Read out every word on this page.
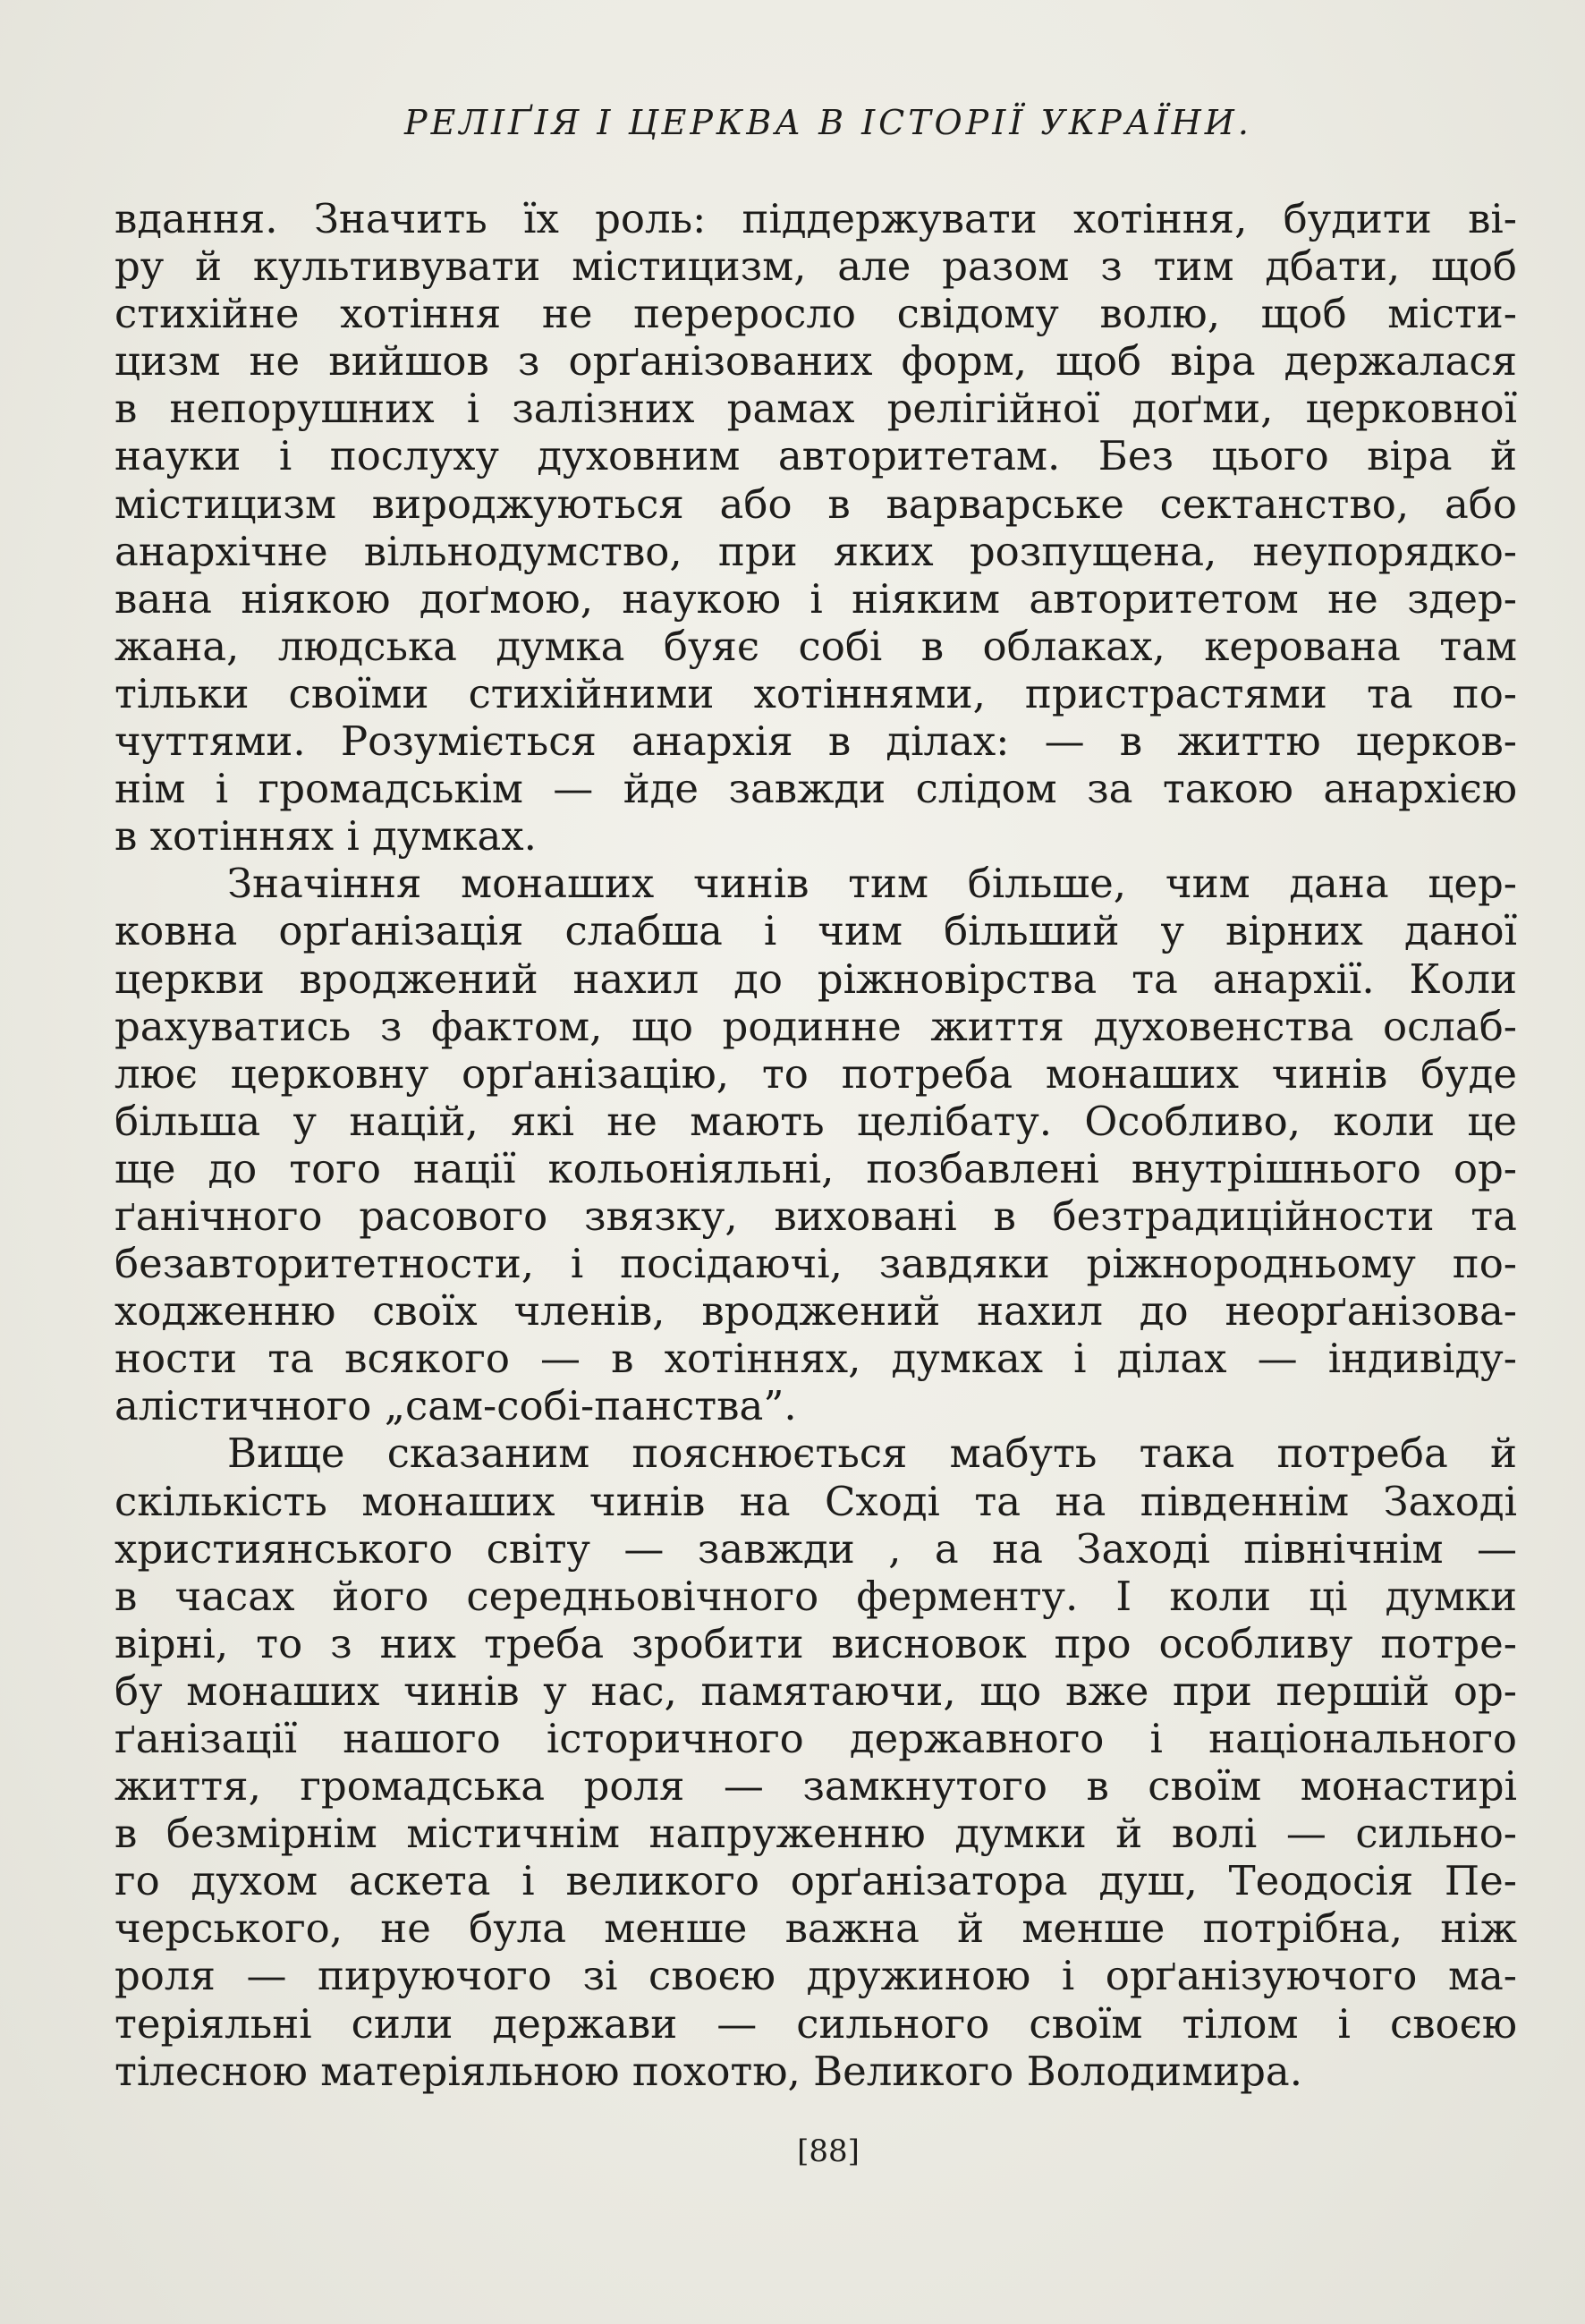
РЕЛІҐІЯ І ЦЕРКВА В ІСТОРІЇ УКРАЇНИ.
вдання. Значить їх роль: піддержувати хотіння, будити ві-
ру й культивувати містицизм, але разом з тим дбати, щоб
стихійне хотіння не переросло свідому волю, щоб місти-
цизм не вийшов з орґанізованих форм, щоб віра держалася
в непорушних і залізних рамах релігійної доґми, церковної
науки і послуху духовним авторитетам. Без цього віра й
містицизм вироджуються або в варварське сектанство, або
анархічне вільнодумство, при яких розпущена, неупорядко-
вана ніякою доґмою, наукою і ніяким авторитетом не здер-
жана, людська думка буяє собі в облаках, керована там
тільки своїми стихійними хотіннями, пристрастями та по-
чуттями. Розуміється анархія в ділах: — в життю церков-
нім і громадськім — йде завжди слідом за такою анархією
в хотіннях і думках.
Значіння монаших чинів тим більше, чим дана цер-
ковна орґанізація слабша і чим більший у вірних даної
церкви вроджений нахил до ріжновірства та анархії. Коли
рахуватись з фактом, що родинне життя духовенства ослаб-
лює церковну орґанізацію, то потреба монаших чинів буде
більша у націй, які не мають целібату. Особливо, коли це
ще до того нації кольоніяльні, позбавлені внутрішнього ор-
ґанічного расового звязку, виховані в безтрадиційности та
безавторитетности, і посідаючі, завдяки ріжнородньому по-
ходженню своїх членів, вроджений нахил до неорґанізова-
ности та всякого — в хотіннях, думках і ділах — індивіду-
алістичного „сам-собі-панства”.
Вище сказаним пояснюється мабуть така потреба й
скількість монаших чинів на Сході та на південнім Заході
християнського світу — завжди , а на Заході північнім —
в часах його середньовічного ферменту. І коли ці думки
вірні, то з них треба зробити висновок про особливу потре-
бу монаших чинів у нас, памятаючи, що вже при першій ор-
ґанізації нашого історичного державного і національного
життя, громадська роля — замкнутого в своїм монастирі
в безмірнім містичнім напруженню думки й волі — сильно-
го духом аскета і великого орґанізатора душ, Теодосія Пе-
черського, не була менше важна й менше потрібна, ніж
роля — пируючого зі своєю дружиною і орґанізуючого ма-
теріяльні сили держави — сильного своїм тілом і своєю
тілесною матеріяльною похотю, Великого Володимира.
[88]
